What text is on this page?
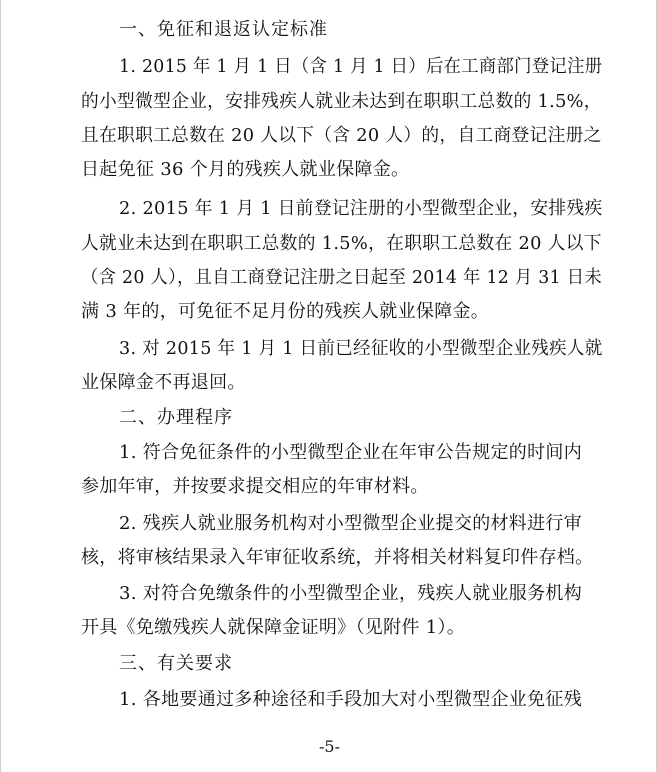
一、免征和退返认定标准
1. 2015 年 1 月 1 日（含 1 月 1 日）后在工商部门登记注册
的小型微型企业，安排残疾人就业未达到在职职工总数的 1.5%，
且在职职工总数在 20 人以下（含 20 人）的，自工商登记注册之
日起免征 36 个月的残疾人就业保障金。
2. 2015 年 1 月 1 日前登记注册的小型微型企业，安排残疾
人就业未达到在职职工总数的 1.5%，在职职工总数在 20 人以下
（含 20 人），且自工商登记注册之日起至 2014 年 12 月 31 日未
满 3 年的，可免征不足月份的残疾人就业保障金。
3. 对 2015 年 1 月 1 日前已经征收的小型微型企业残疾人就
业保障金不再退回。
二、办理程序
1. 符合免征条件的小型微型企业在年审公告规定的时间内
参加年审，并按要求提交相应的年审材料。
2. 残疾人就业服务机构对小型微型企业提交的材料进行审
核，将审核结果录入年审征收系统，并将相关材料复印件存档。
3. 对符合免缴条件的小型微型企业，残疾人就业服务机构
开具《免缴残疾人就保障金证明》（见附件 1）。
三、有关要求
1. 各地要通过多种途径和手段加大对小型微型企业免征残
-5-
